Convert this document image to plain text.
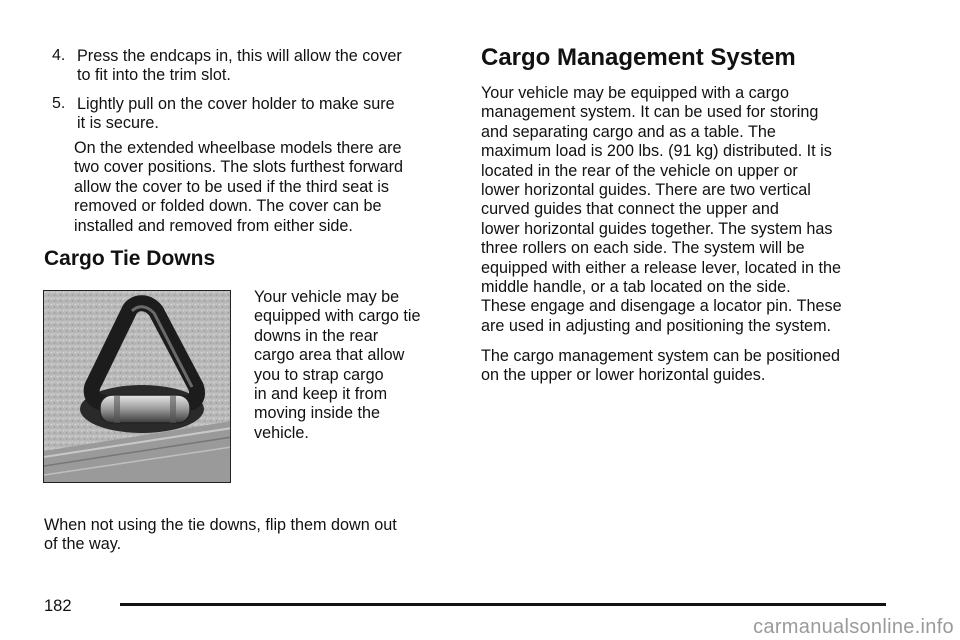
4. Press the endcaps in, this will allow the cover
to fit into the trim slot.

5. Lightly pull on the cover holder to make sure
it is secure.

On the extended wheelbase models there are
two cover positions. The slots furthest forward
allow the cover to be used if the third seat is
removed or folded down. The cover can be
installed and removed from either side.

Cargo Tie Downs

Your vehicle may be
equipped with cargo tie
downs in the rear
cargo area that allow
you to strap cargo
in and keep it from
moving inside the
vehicle.

When not using the tie downs, flip them down out
of the way.

Cargo Management System

Your vehicle may be equipped with a cargo
management system. It can be used for storing
and separating cargo and as a table. The
maximum load is 200 lbs. (91 kg) distributed. It is
located in the rear of the vehicle on upper or
lower horizontal guides. There are two vertical
curved guides that connect the upper and
lower horizontal guides together. The system has
three rollers on each side. The system will be
equipped with either a release lever, located in the
middle handle, or a tab located on the side.
These engage and disengage a locator pin. These
are used in adjusting and positioning the system.

The cargo management system can be positioned
on the upper or lower horizontal guides.

182
carmanualsonline.info
